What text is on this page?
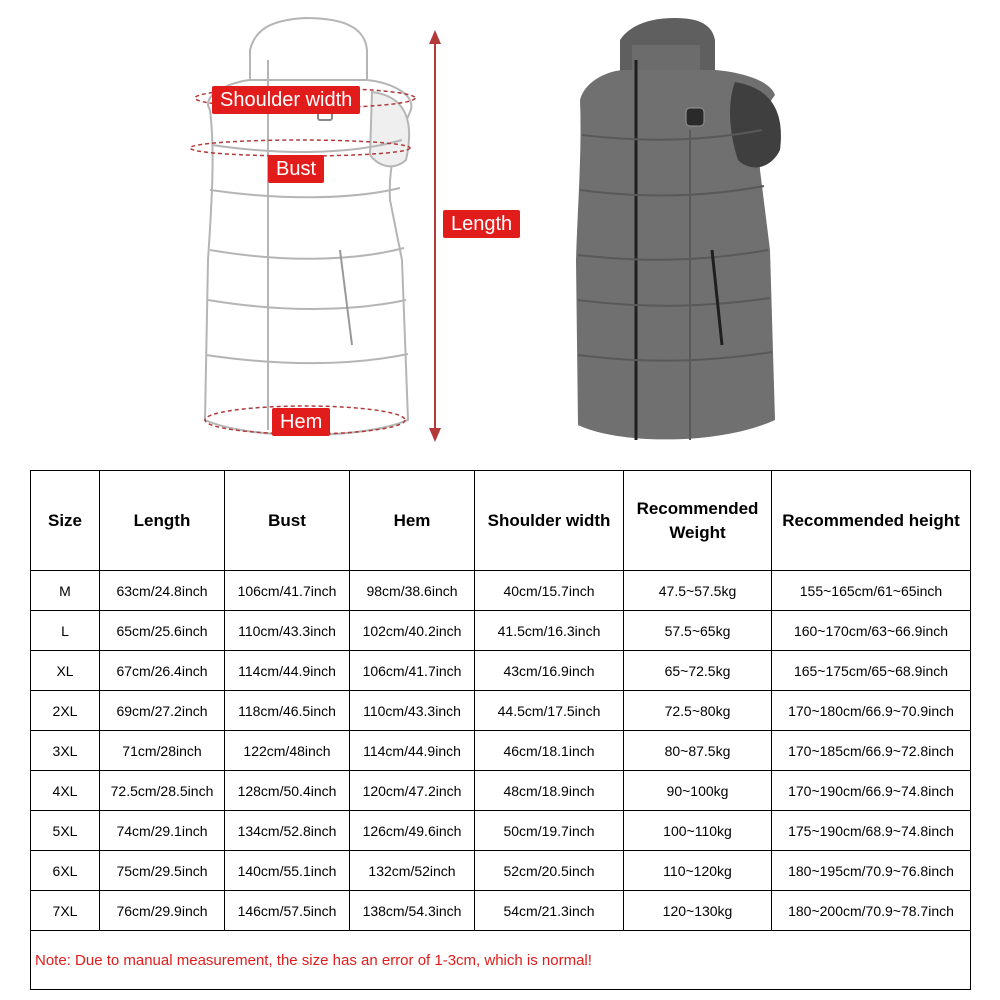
Shoulder width
Bust
Length
Hem
Size	Length	Bust	Hem	Shoulder width	Recommended Weight	Recommended height
M	63cm/24.8inch	106cm/41.7inch	98cm/38.6inch	40cm/15.7inch	47.5~57.5kg	155~165cm/61~65inch
L	65cm/25.6inch	110cm/43.3inch	102cm/40.2inch	41.5cm/16.3inch	57.5~65kg	160~170cm/63~66.9inch
XL	67cm/26.4inch	114cm/44.9inch	106cm/41.7inch	43cm/16.9inch	65~72.5kg	165~175cm/65~68.9inch
2XL	69cm/27.2inch	118cm/46.5inch	110cm/43.3inch	44.5cm/17.5inch	72.5~80kg	170~180cm/66.9~70.9inch
3XL	71cm/28inch	122cm/48inch	114cm/44.9inch	46cm/18.1inch	80~87.5kg	170~185cm/66.9~72.8inch
4XL	72.5cm/28.5inch	128cm/50.4inch	120cm/47.2inch	48cm/18.9inch	90~100kg	170~190cm/66.9~74.8inch
5XL	74cm/29.1inch	134cm/52.8inch	126cm/49.6inch	50cm/19.7inch	100~110kg	175~190cm/68.9~74.8inch
6XL	75cm/29.5inch	140cm/55.1inch	132cm/52inch	52cm/20.5inch	110~120kg	180~195cm/70.9~76.8inch
7XL	76cm/29.9inch	146cm/57.5inch	138cm/54.3inch	54cm/21.3inch	120~130kg	180~200cm/70.9~78.7inch
Note: Due to manual measurement, the size has an error of 1-3cm, which is normal!						
